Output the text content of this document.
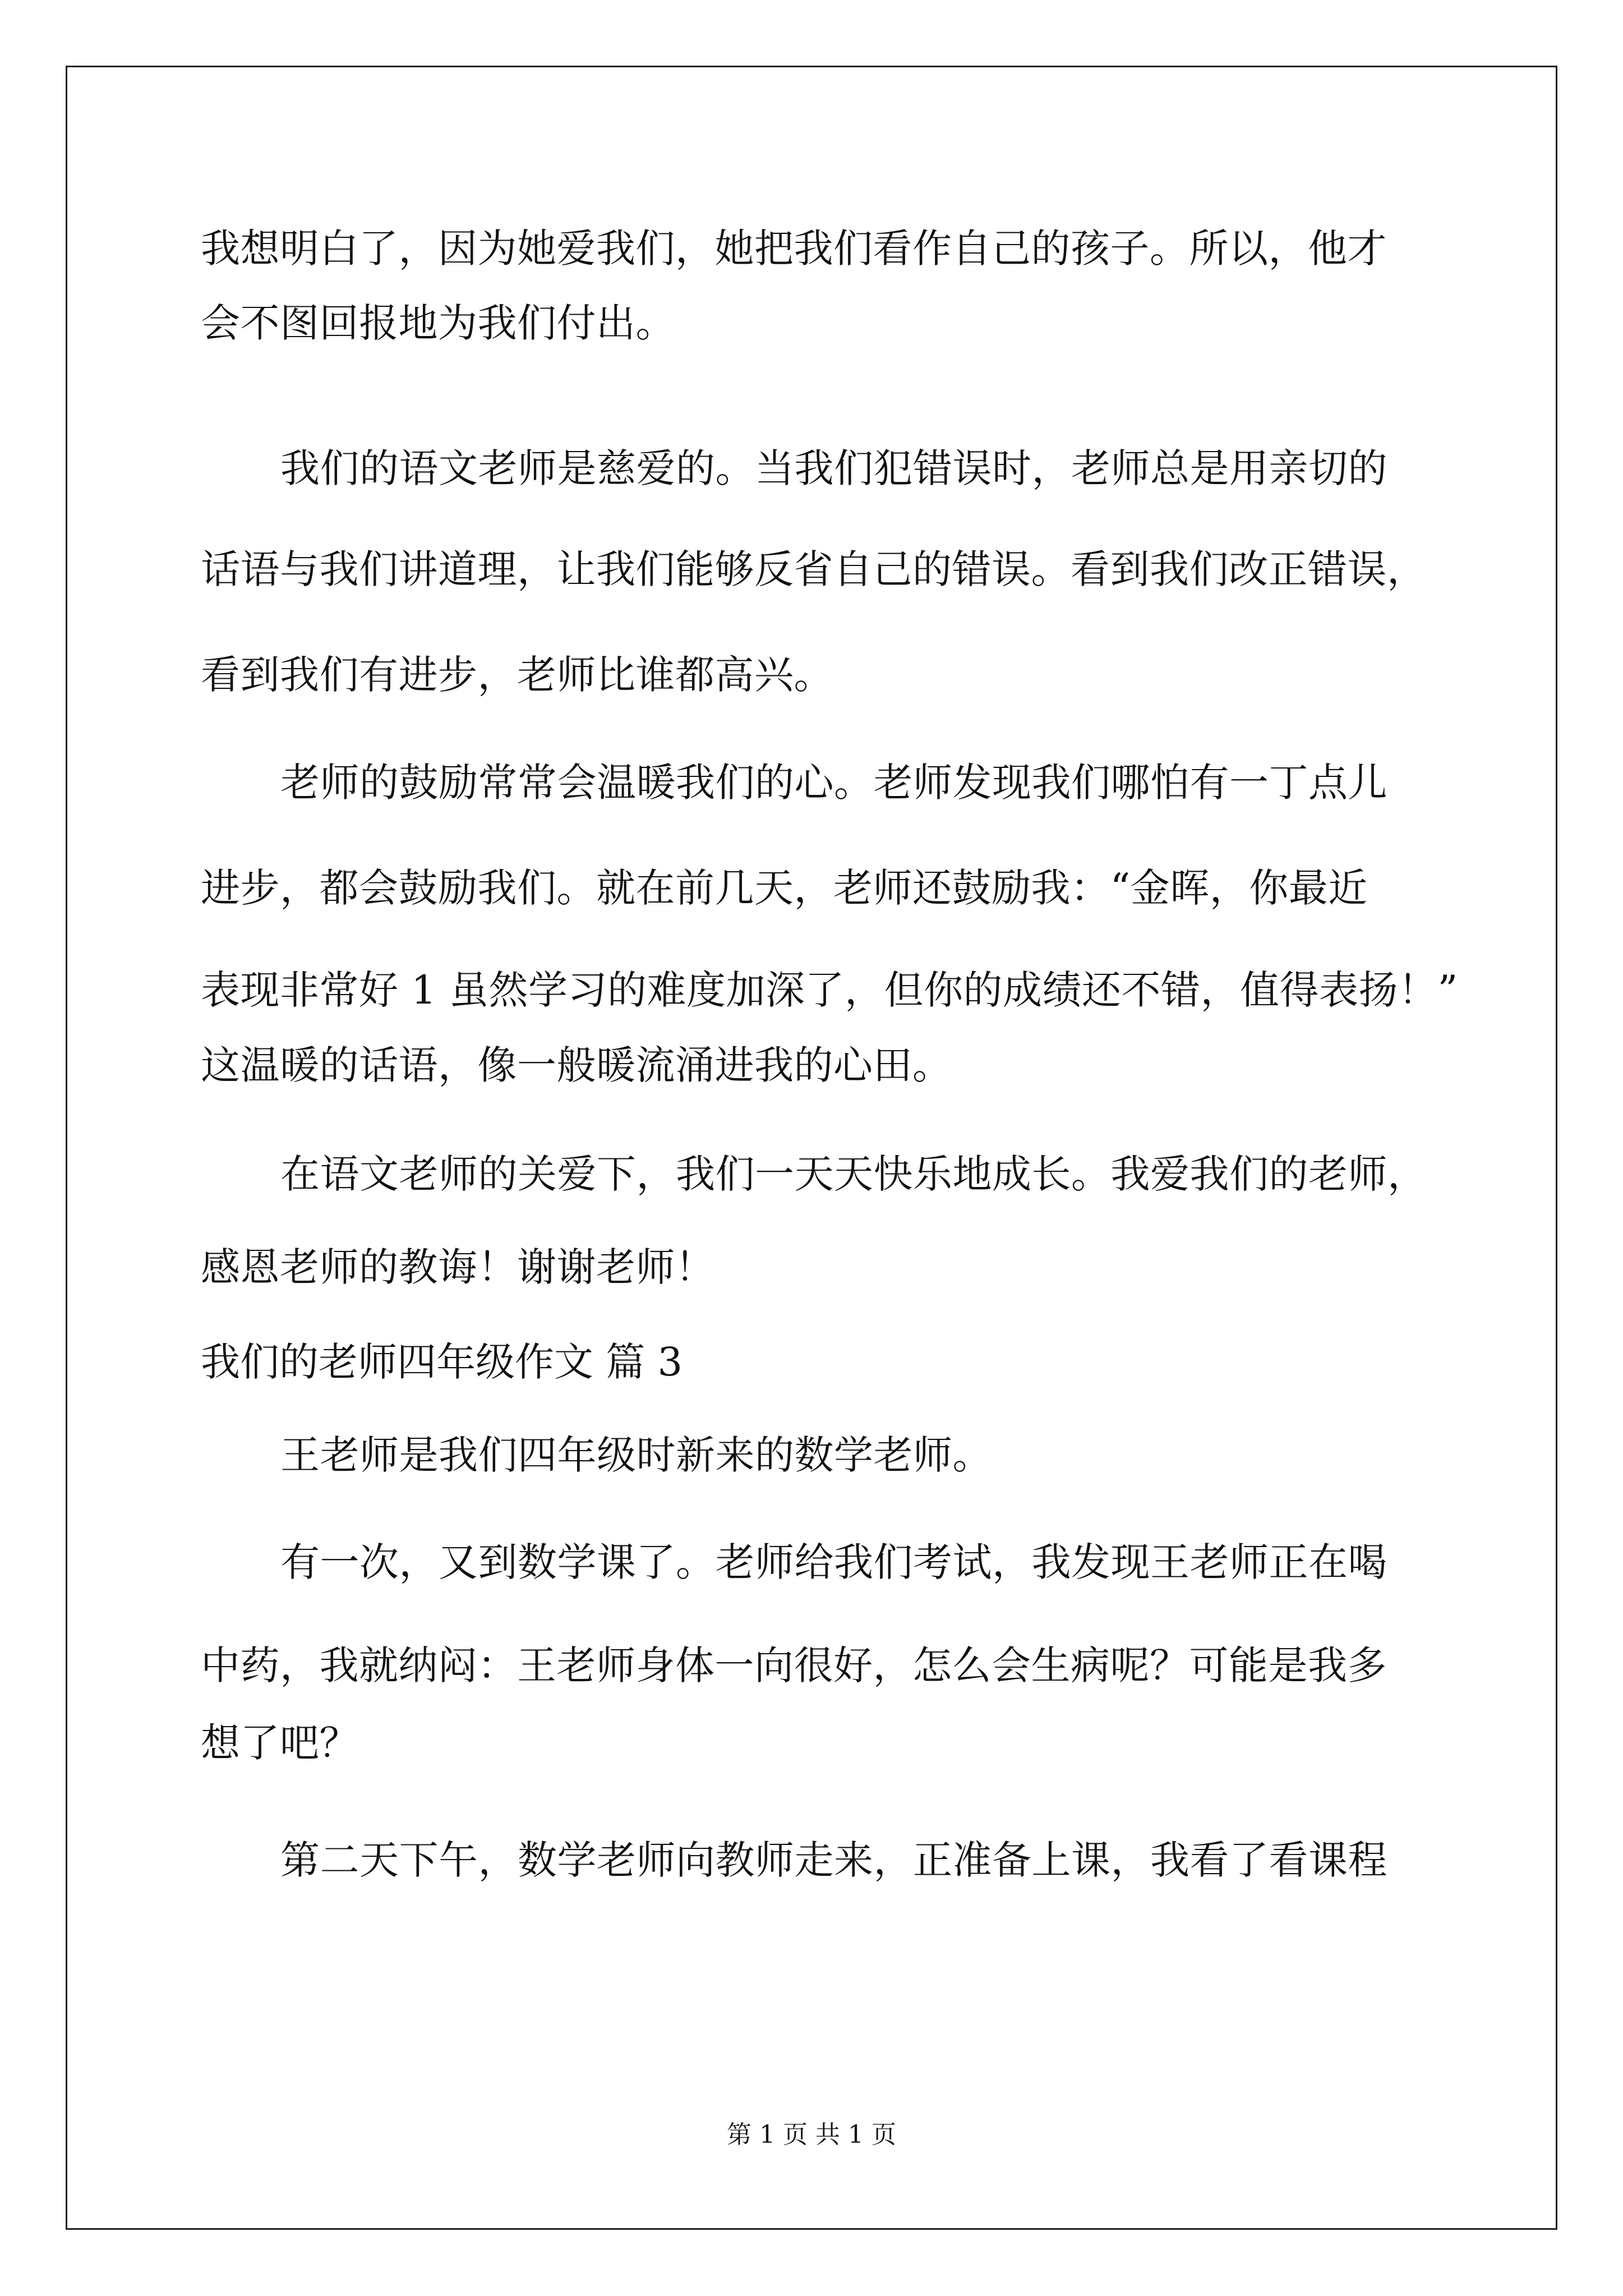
我想明白了，因为她爱我们，她把我们看作自己的孩子。所以，他才
会不图回报地为我们付出。
我们的语文老师是慈爱的。当我们犯错误时，老师总是用亲切的
话语与我们讲道理，让我们能够反省自己的错误。看到我们改正错误，
看到我们有进步，老师比谁都高兴。
老师的鼓励常常会温暖我们的心。老师发现我们哪怕有一丁点儿
进步，都会鼓励我们。就在前几天，老师还鼓励我：“金晖，你最近
表现非常好 1 虽然学习的难度加深了，但你的成绩还不错，值得表扬！”
这温暖的话语，像一般暖流涌进我的心田。
在语文老师的关爱下，我们一天天快乐地成长。我爱我们的老师，
感恩老师的教诲！谢谢老师！
我们的老师四年级作文 篇 3
王老师是我们四年级时新来的数学老师。
有一次，又到数学课了。老师给我们考试，我发现王老师正在喝
中药，我就纳闷：王老师身体一向很好，怎么会生病呢？可能是我多
想了吧？
第二天下午，数学老师向教师走来，正准备上课，我看了看课程
第 1 页 共 1 页
